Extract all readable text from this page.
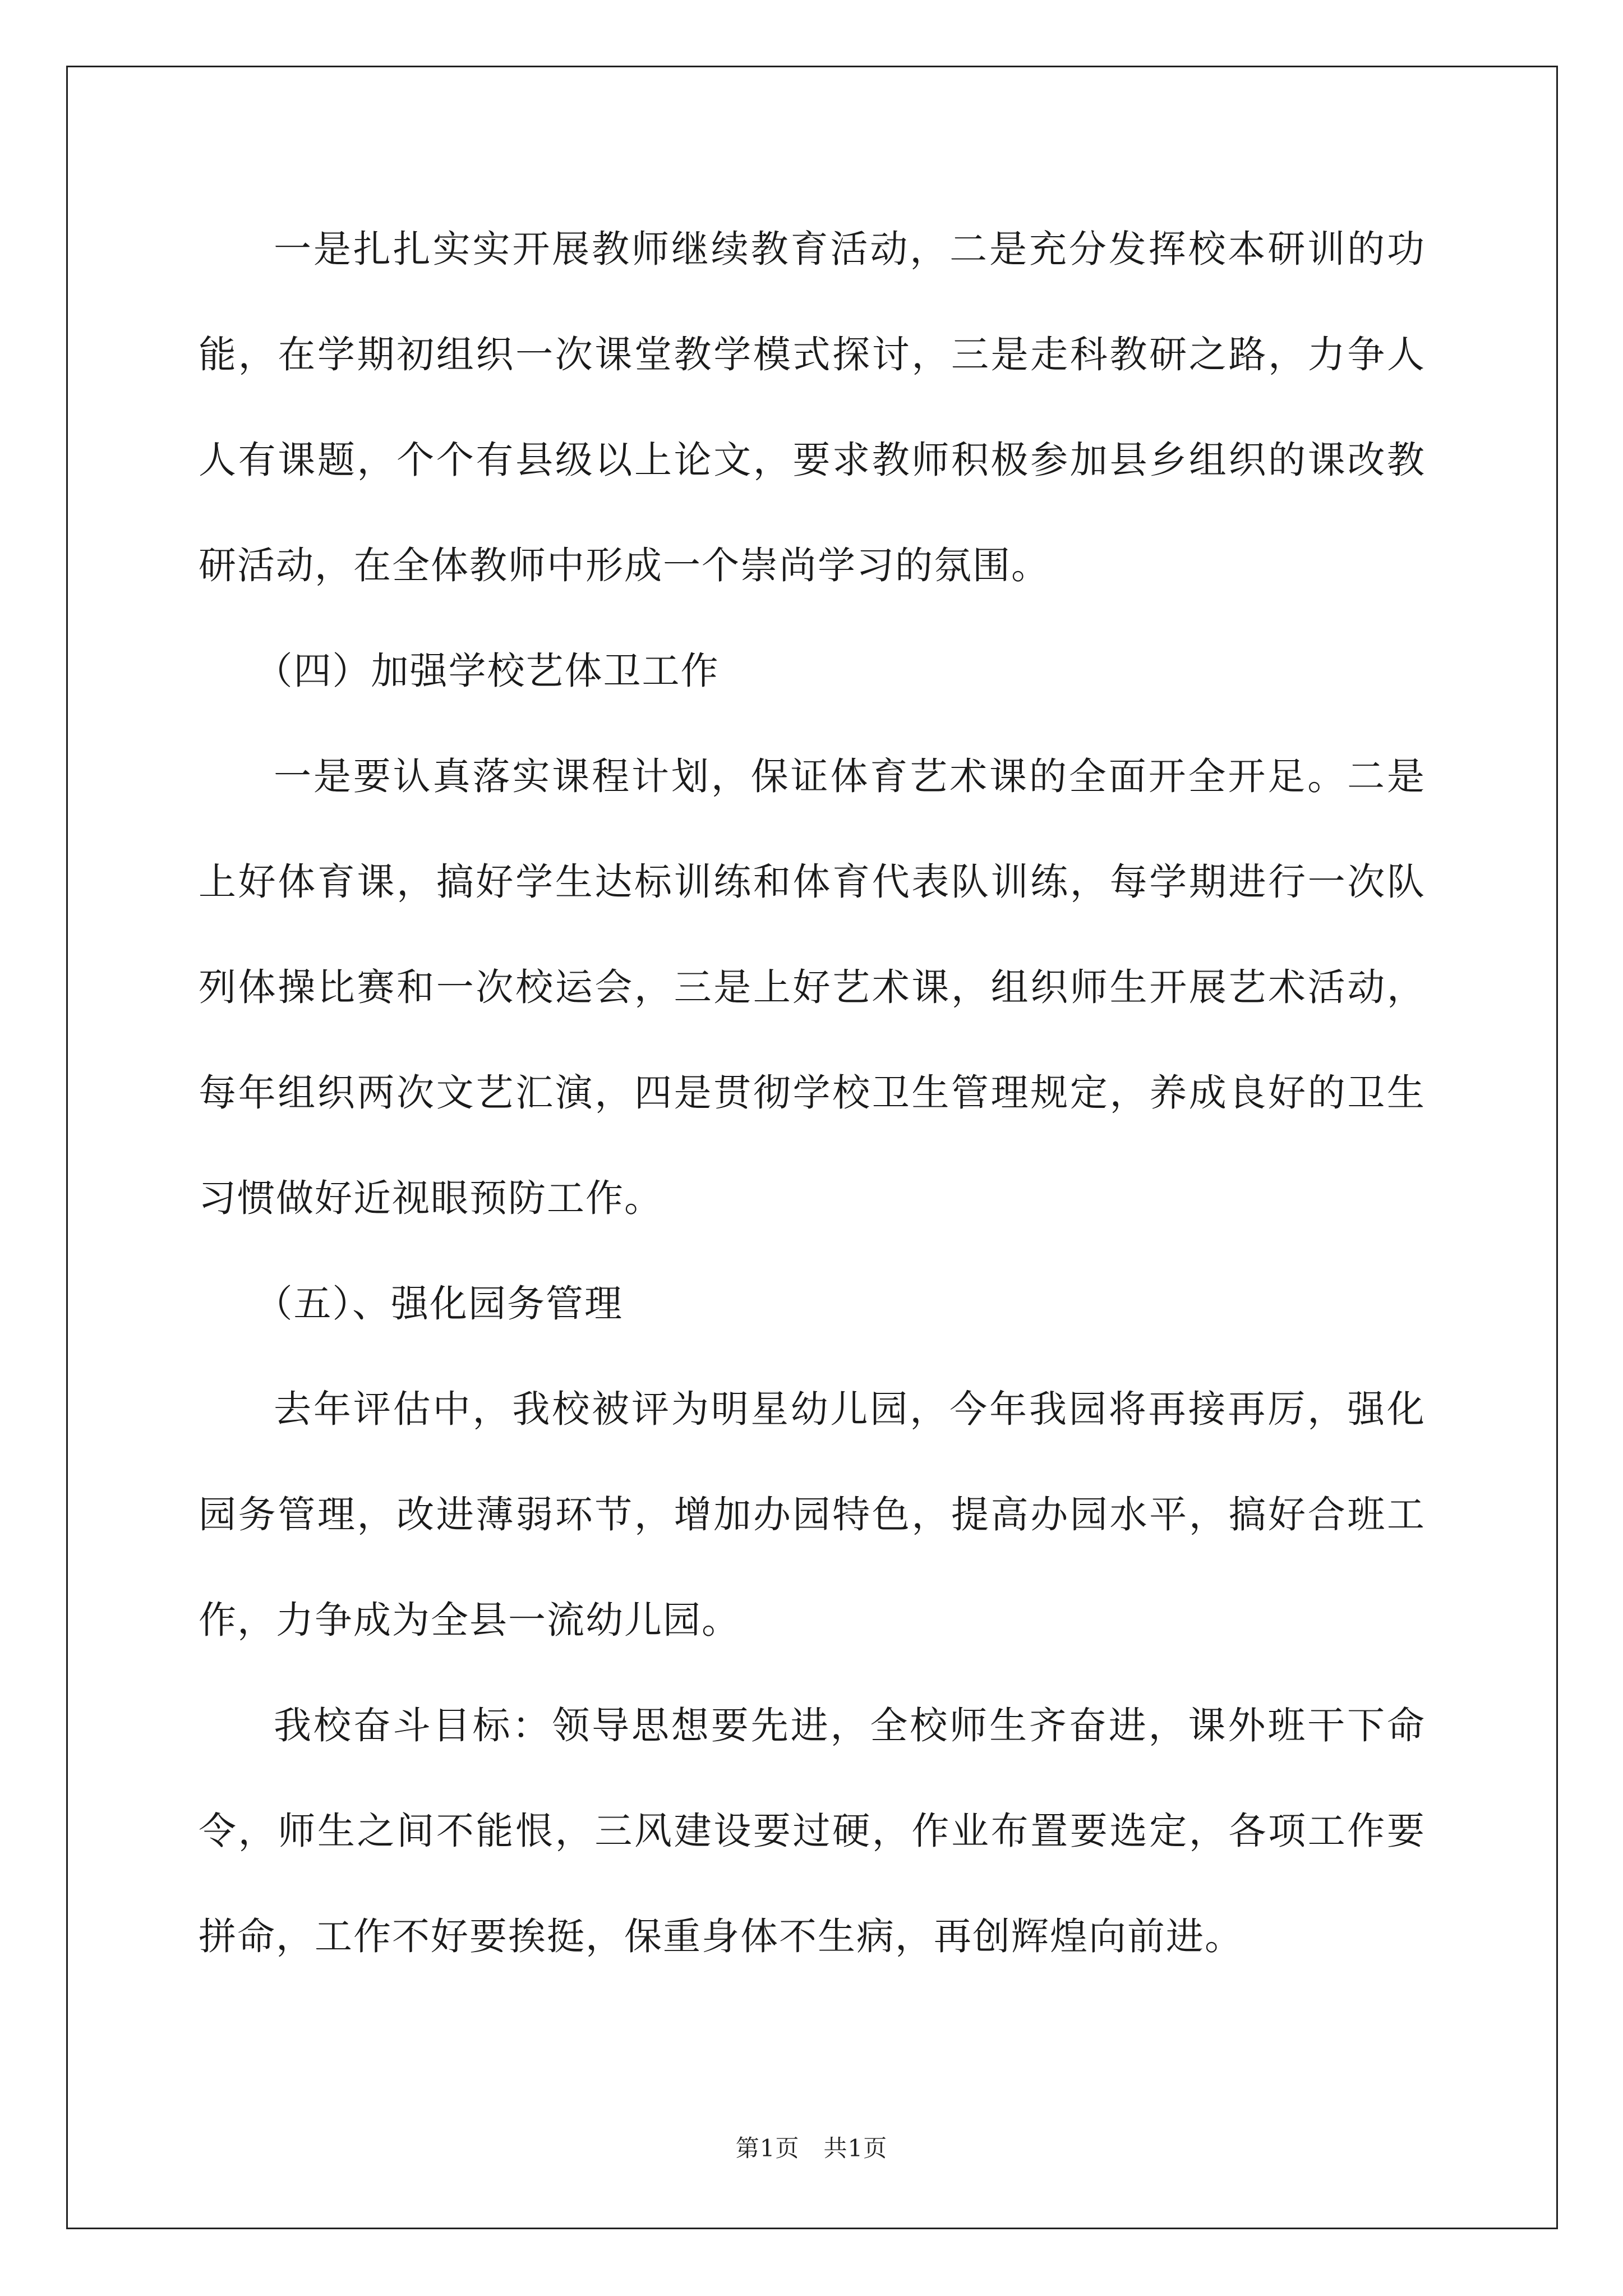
一是扎扎实实开展教师继续教育活动，二是充分发挥校本研训的功能，在学期初组织一次课堂教学模式探讨，三是走科教研之路，力争人人有课题，个个有县级以上论文，要求教师积极参加县乡组织的课改教研活动，在全体教师中形成一个崇尚学习的氛围。

（四）加强学校艺体卫工作

一是要认真落实课程计划，保证体育艺术课的全面开全开足。二是上好体育课，搞好学生达标训练和体育代表队训练，每学期进行一次队列体操比赛和一次校运会，三是上好艺术课，组织师生开展艺术活动，每年组织两次文艺汇演，四是贯彻学校卫生管理规定，养成良好的卫生习惯做好近视眼预防工作。

（五）、强化园务管理

去年评估中，我校被评为明星幼儿园，今年我园将再接再厉，强化园务管理，改进薄弱环节，增加办园特色，提高办园水平，搞好合班工作，力争成为全县一流幼儿园。

我校奋斗目标：领导思想要先进，全校师生齐奋进，课外班干下命令，师生之间不能恨，三风建设要过硬，作业布置要选定，各项工作要拼命，工作不好要挨挺，保重身体不生病，再创辉煌向前进。

第1页　共1页
